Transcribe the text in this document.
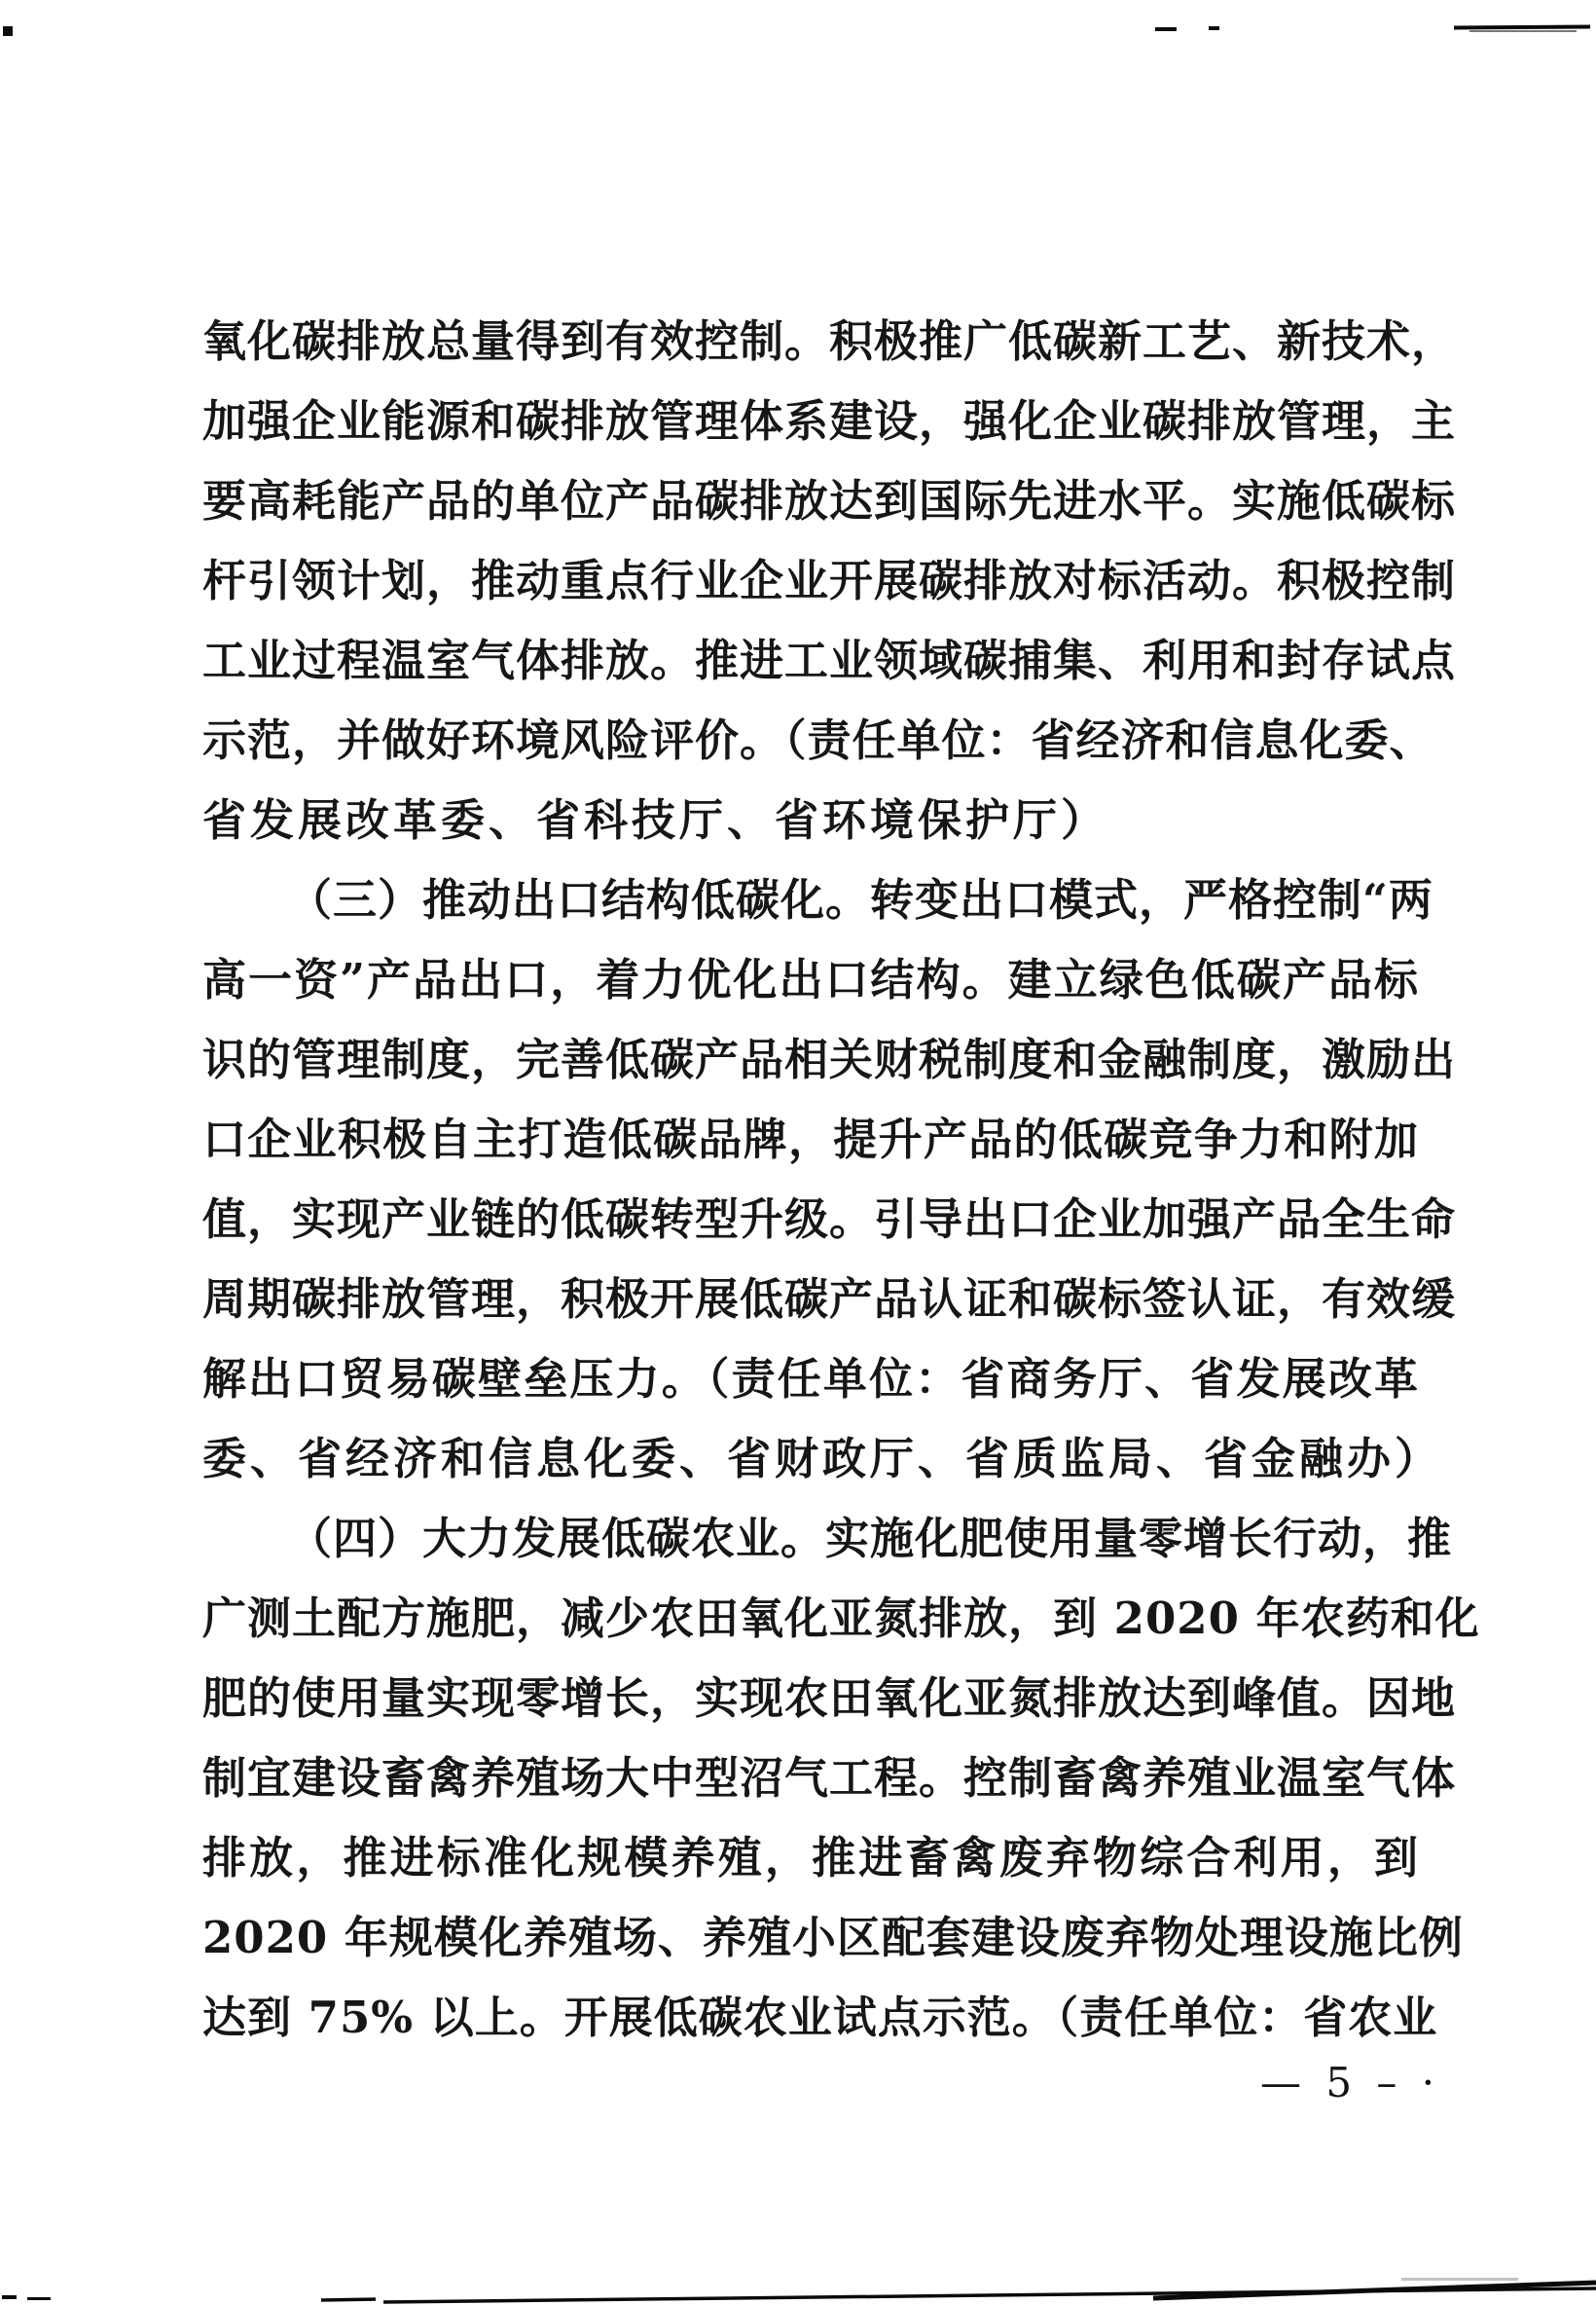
氧化碳排放总量得到有效控制。积极推广低碳新工艺、新技术，
加强企业能源和碳排放管理体系建设，强化企业碳排放管理，主
要高耗能产品的单位产品碳排放达到国际先进水平。实施低碳标
杆引领计划，推动重点行业企业开展碳排放对标活动。积极控制
工业过程温室气体排放。推进工业领域碳捕集、利用和封存试点
示范，并做好环境风险评价。（责任单位：省经济和信息化委、
省发展改革委、省科技厅、省环境保护厅）
（三）推动出口结构低碳化。转变出口模式，严格控制“两
高一资”产品出口，着力优化出口结构。建立绿色低碳产品标
识的管理制度，完善低碳产品相关财税制度和金融制度，激励出
口企业积极自主打造低碳品牌，提升产品的低碳竞争力和附加
值，实现产业链的低碳转型升级。引导出口企业加强产品全生命
周期碳排放管理，积极开展低碳产品认证和碳标签认证，有效缓
解出口贸易碳壁垒压力。（责任单位：省商务厅、省发展改革
委、省经济和信息化委、省财政厅、省质监局、省金融办）
（四）大力发展低碳农业。实施化肥使用量零增长行动，推
广测土配方施肥，减少农田氧化亚氮排放，到 2020 年农药和化
肥的使用量实现零增长，实现农田氧化亚氮排放达到峰值。因地
制宜建设畜禽养殖场大中型沼气工程。控制畜禽养殖业温室气体
排放，推进标准化规模养殖，推进畜禽废弃物综合利用，到
2020 年规模化养殖场、养殖小区配套建设废弃物处理设施比例
达到 75% 以上。开展低碳农业试点示范。（责任单位：省农业
— 5 – ·
